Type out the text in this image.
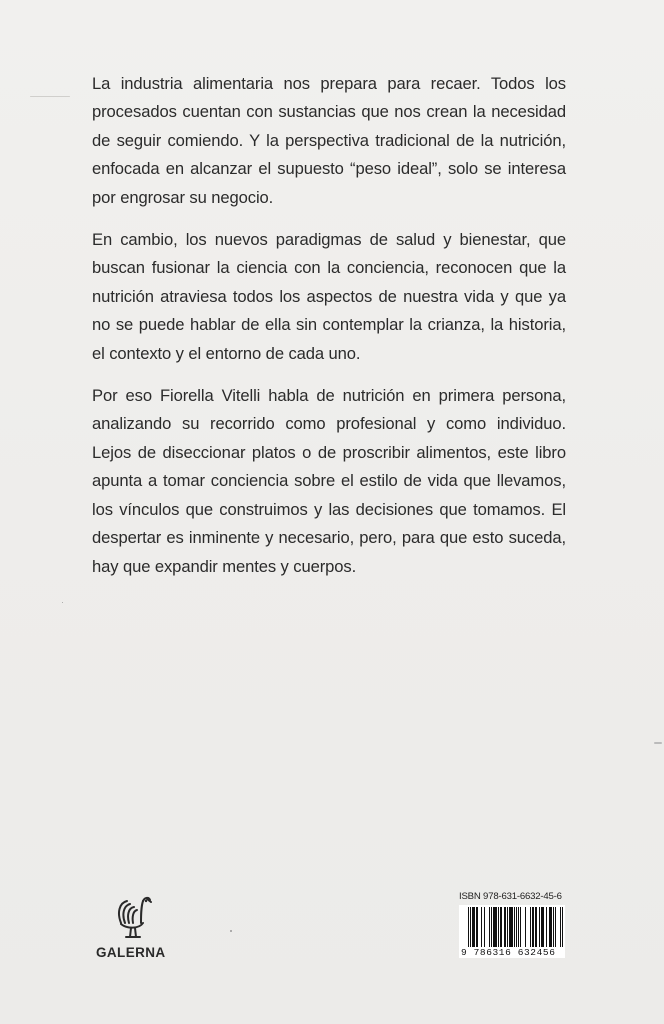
La industria alimentaria nos prepara para recaer. Todos los procesados cuentan con sustancias que nos crean la necesidad de seguir comiendo. Y la perspectiva tradicional de la nutrición, enfocada en alcanzar el supuesto “peso ideal”, solo se interesa por engrosar su negocio.

En cambio, los nuevos paradigmas de salud y bienestar, que buscan fusionar la ciencia con la conciencia, reconocen que la nutrición atraviesa todos los aspectos de nuestra vida y que ya no se puede hablar de ella sin contemplar la crianza, la historia, el contexto y el entorno de cada uno.

Por eso Fiorella Vitelli habla de nutrición en primera persona, analizando su recorrido como profesional y como individuo. Lejos de diseccionar platos o de proscribir alimentos, este libro apunta a tomar conciencia sobre el estilo de vida que llevamos, los vínculos que construimos y las decisiones que tomamos. El despertar es inminente y necesario, pero, para que esto suceda, hay que expandir mentes y cuerpos.

GALERNA
ISBN 978-631-6632-45-6
9 786316 632456
